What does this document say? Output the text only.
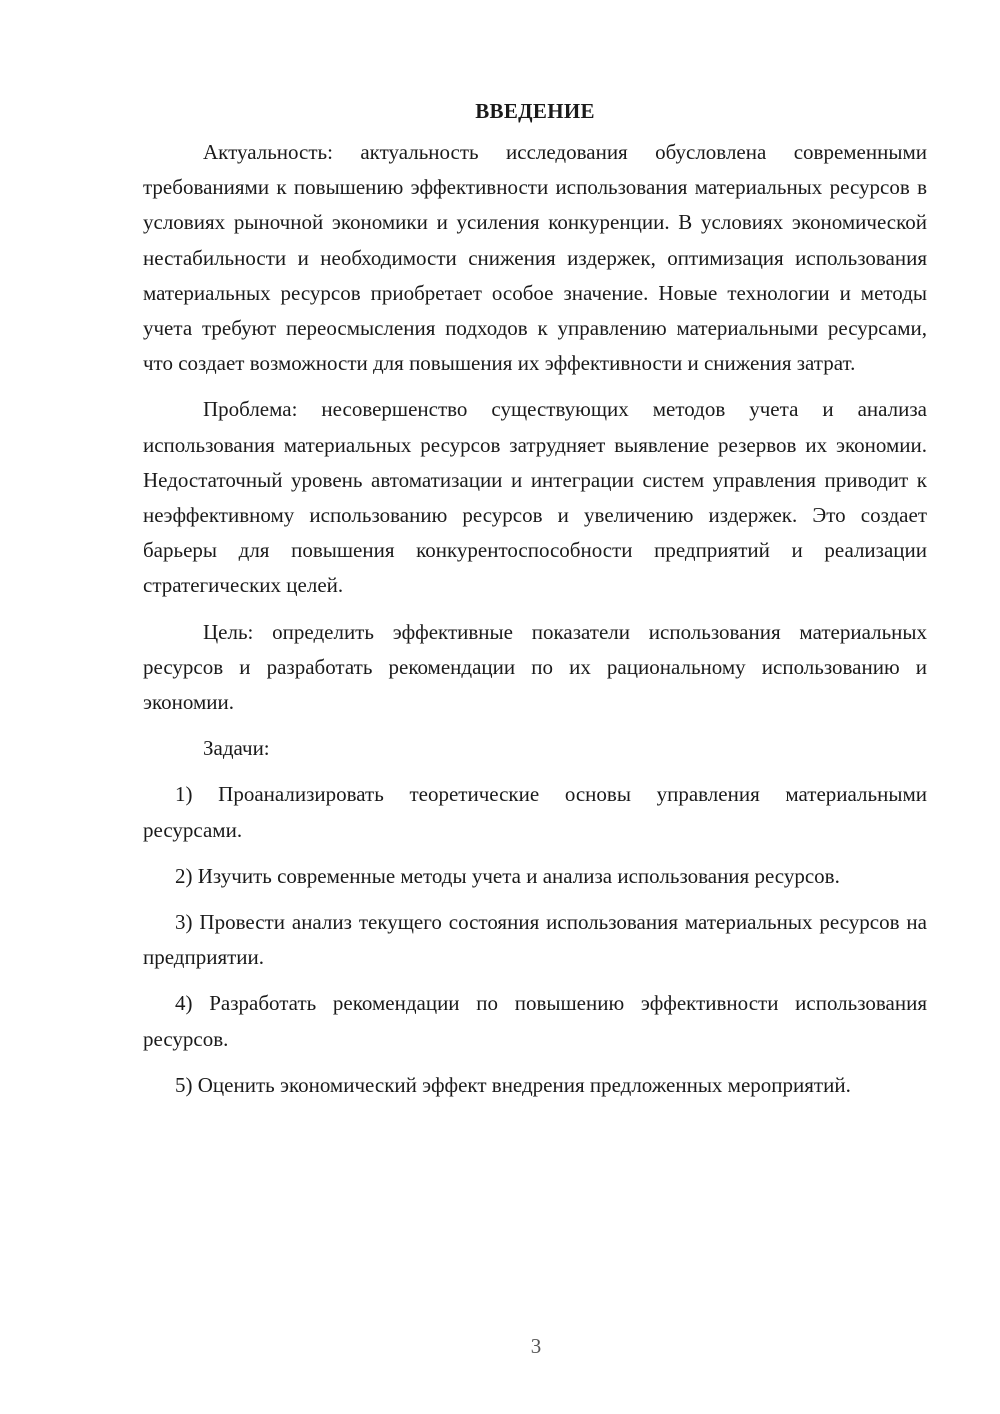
ВВЕДЕНИЕ

Актуальность: актуальность исследования обусловлена современными требованиями к повышению эффективности использования материальных ресурсов в условиях рыночной экономики и усиления конкуренции. В условиях экономической нестабильности и необходимости снижения издержек, оптимизация использования материальных ресурсов приобретает особое значение. Новые технологии и методы учета требуют переосмысления подходов к управлению материальными ресурсами, что создает возможности для повышения их эффективности и снижения затрат.

Проблема: несовершенство существующих методов учета и анализа использования материальных ресурсов затрудняет выявление резервов их экономии. Недостаточный уровень автоматизации и интеграции систем управления приводит к неэффективному использованию ресурсов и увеличению издержек. Это создает барьеры для повышения конкурентоспособности предприятий и реализации стратегических целей.

Цель: определить эффективные показатели использования материальных ресурсов и разработать рекомендации по их рациональному использованию и экономии.

Задачи:

1) Проанализировать теоретические основы управления материальными ресурсами.

2) Изучить современные методы учета и анализа использования ресурсов.

3) Провести анализ текущего состояния использования материальных ресурсов на предприятии.

4) Разработать рекомендации по повышению эффективности использования ресурсов.

5) Оценить экономический эффект внедрения предложенных мероприятий.

3
